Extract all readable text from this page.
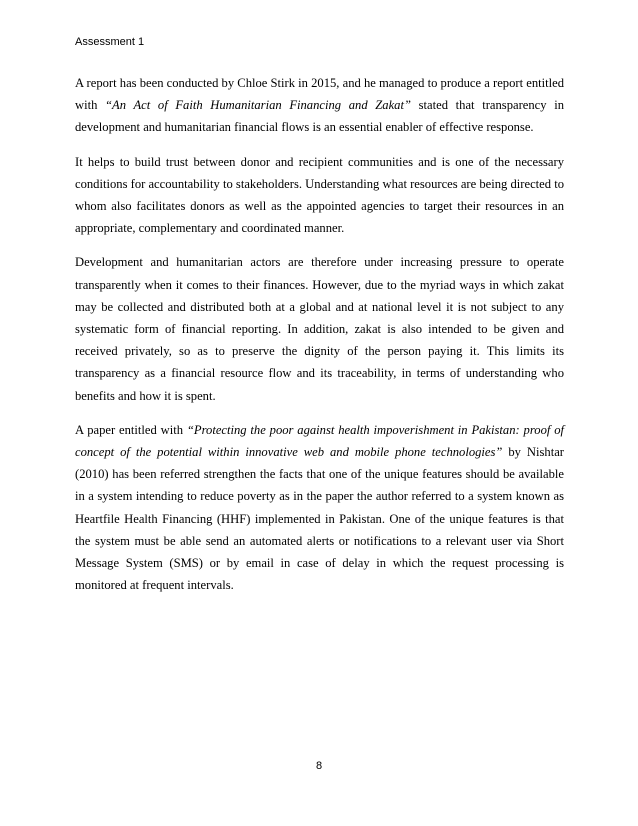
Assessment 1

A report has been conducted by Chloe Stirk in 2015, and he managed to produce a report entitled with “An Act of Faith Humanitarian Financing and Zakat” stated that transparency in development and humanitarian financial flows is an essential enabler of effective response.

It helps to build trust between donor and recipient communities and is one of the necessary conditions for accountability to stakeholders. Understanding what resources are being directed to whom also facilitates donors as well as the appointed agencies to target their resources in an appropriate, complementary and coordinated manner.

Development and humanitarian actors are therefore under increasing pressure to operate transparently when it comes to their finances. However, due to the myriad ways in which zakat may be collected and distributed both at a global and at national level it is not subject to any systematic form of financial reporting. In addition, zakat is also intended to be given and received privately, so as to preserve the dignity of the person paying it. This limits its transparency as a financial resource flow and its traceability, in terms of understanding who benefits and how it is spent.

A paper entitled with “Protecting the poor against health impoverishment in Pakistan: proof of concept of the potential within innovative web and mobile phone technologies” by Nishtar (2010) has been referred strengthen the facts that one of the unique features should be available in a system intending to reduce poverty as in the paper the author referred to a system known as Heartfile Health Financing (HHF) implemented in Pakistan. One of the unique features is that the system must be able send an automated alerts or notifications to a relevant user via Short Message System (SMS) or by email in case of delay in which the request processing is monitored at frequent intervals.

8
